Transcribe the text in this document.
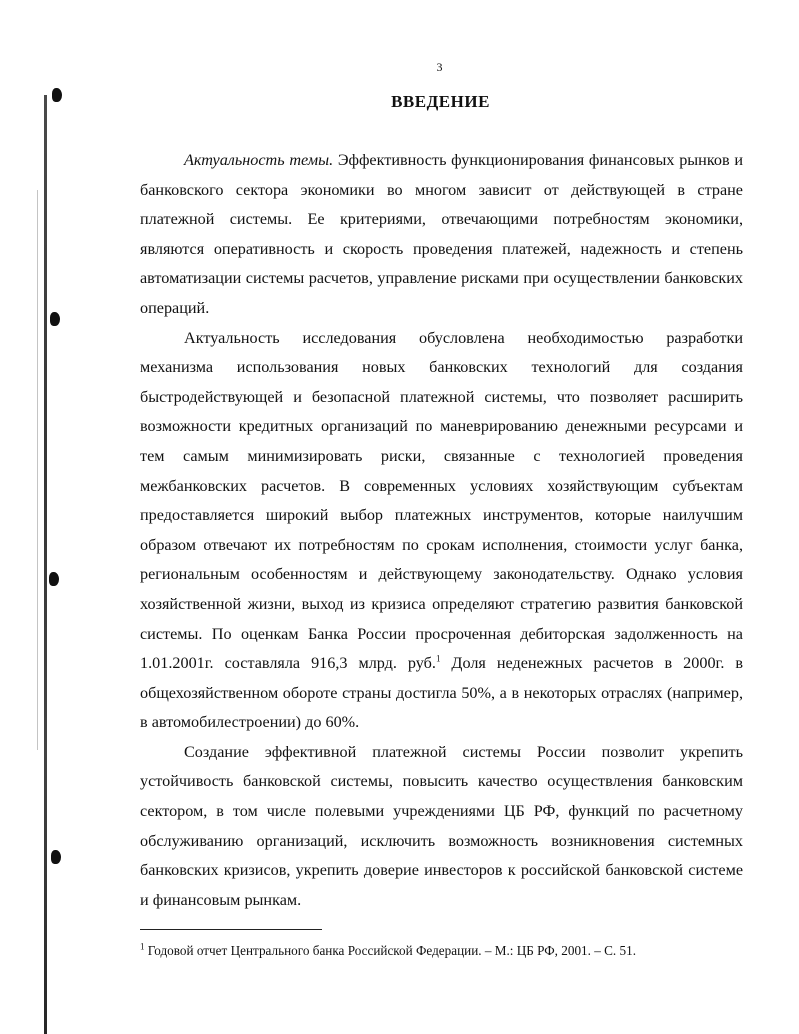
3
ВВЕДЕНИЕ

Актуальность темы. Эффективность функционирования финансовых рынков и банковского сектора экономики во многом зависит от действующей в стране платежной системы. Ее критериями, отвечающими потребностям экономики, являются оперативность и скорость проведения платежей, надежность и степень автоматизации системы расчетов, управление рисками при осуществлении банковских операций.

Актуальность исследования обусловлена необходимостью разработки механизма использования новых банковских технологий для создания быстродействующей и безопасной платежной системы, что позволяет расширить возможности кредитных организаций по маневрированию денежными ресурсами и тем самым минимизировать риски, связанные с технологией проведения межбанковских расчетов. В современных условиях хозяйствующим субъектам предоставляется широкий выбор платежных инструментов, которые наилучшим образом отвечают их потребностям по срокам исполнения, стоимости услуг банка, региональным особенностям и действующему законодательству. Однако условия хозяйственной жизни, выход из кризиса определяют стратегию развития банковской системы. По оценкам Банка России просроченная дебиторская задолженность на 1.01.2001г. составляла 916,3 млрд. руб.$^1$ Доля неденежных расчетов в 2000г. в общехозяйственном обороте страны достигла 50%, а в некоторых отраслях (например, в автомобилестроении) до 60%.

Создание эффективной платежной системы России позволит укрепить устойчивость банковской системы, повысить качество осуществления банковским сектором, в том числе полевыми учреждениями ЦБ РФ, функций по расчетному обслуживанию организаций, исключить возможность возникновения системных банковских кризисов, укрепить доверие инвесторов к российской банковской системе и финансовым рынкам.

$^1$ Годовой отчет Центрального банка Российской Федерации. – М.: ЦБ РФ, 2001. – С. 51.
